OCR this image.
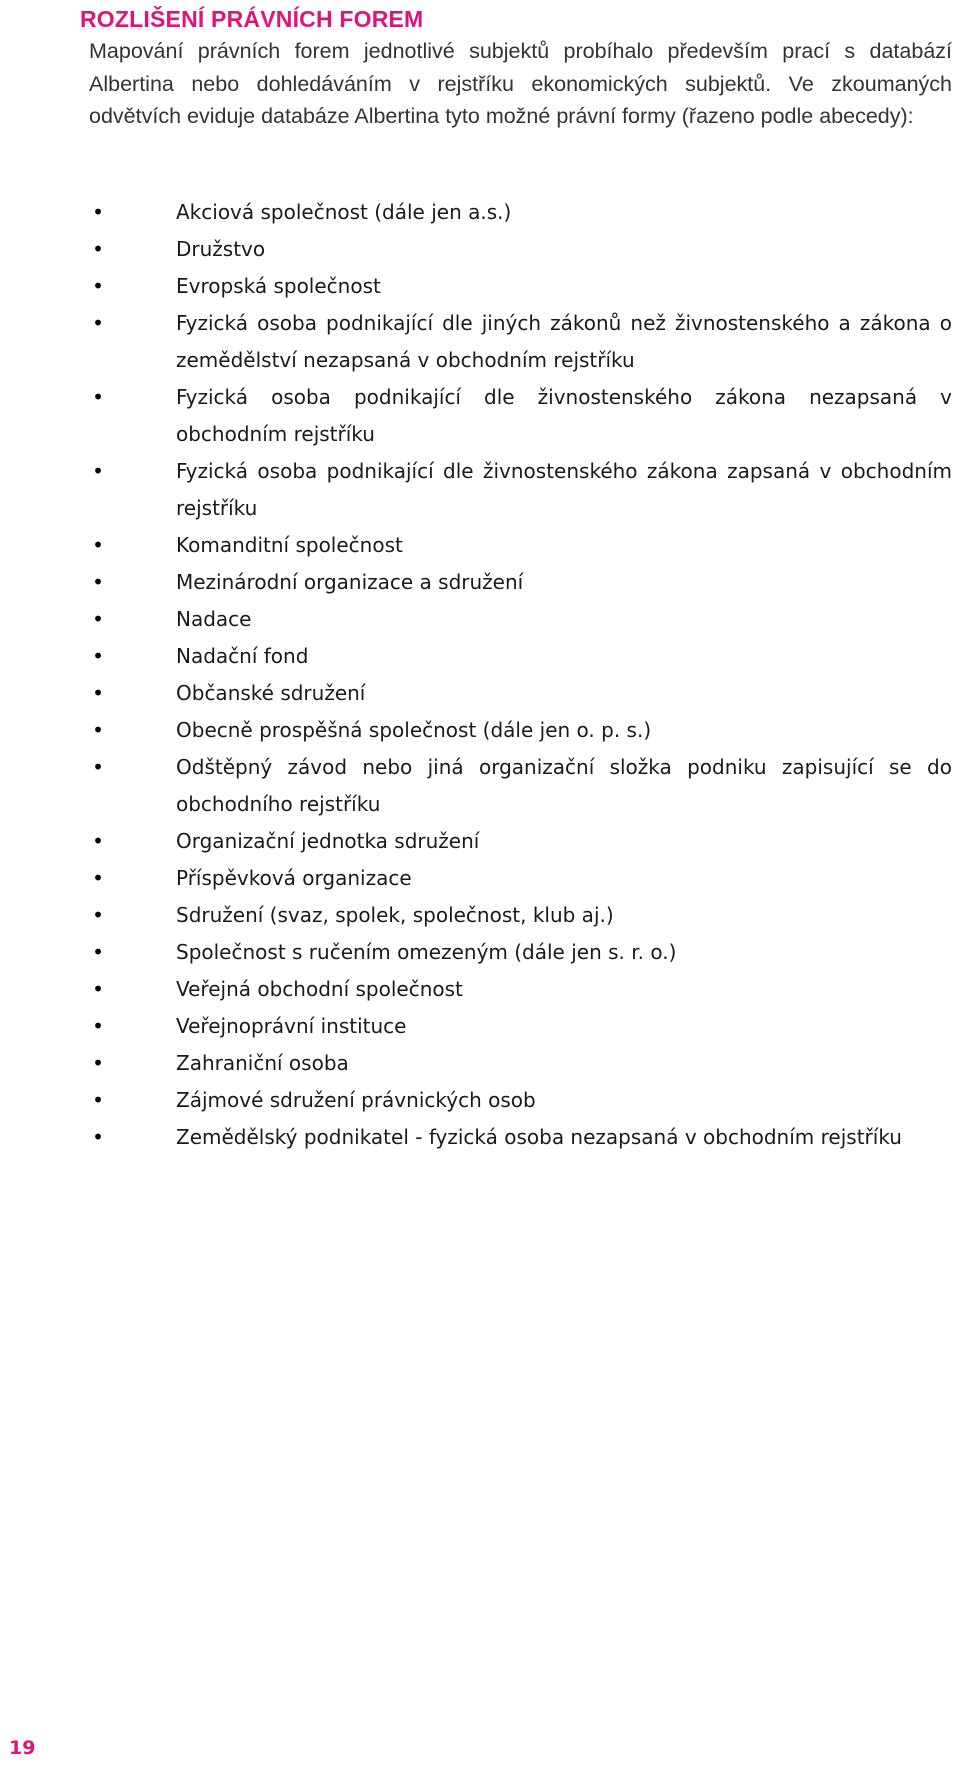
ROZLIŠENÍ PRÁVNÍCH FOREM

Mapování právních forem jednotlivé subjektů probíhalo především prací s databází Albertina nebo dohledáváním v rejstříku ekonomických subjektů. Ve zkoumaných odvětvích eviduje databáze Albertina tyto možné právní formy (řazeno podle abecedy):

•	Akciová společnost (dále jen a.s.)
•	Družstvo
•	Evropská společnost
•	Fyzická osoba podnikající dle jiných zákonů než živnostenského a zákona o zemědělství nezapsaná v obchodním rejstříku
•	Fyzická osoba podnikající dle živnostenského zákona nezapsaná v obchodním rejstříku
•	Fyzická osoba podnikající dle živnostenského zákona zapsaná v obchodním rejstříku
•	Komanditní společnost
•	Mezinárodní organizace a sdružení
•	Nadace
•	Nadační fond
•	Občanské sdružení
•	Obecně prospěšná společnost (dále jen o. p. s.)
•	Odštěpný závod nebo jiná organizační složka podniku zapisující se do obchodního rejstříku
•	Organizační jednotka sdružení
•	Příspěvková organizace
•	Sdružení (svaz, spolek, společnost, klub aj.)
•	Společnost s ručením omezeným (dále jen s. r. o.)
•	Veřejná obchodní společnost
•	Veřejnoprávní instituce
•	Zahraniční osoba
•	Zájmové sdružení právnických osob
•	Zemědělský podnikatel - fyzická osoba nezapsaná v obchodním rejstříku
19
